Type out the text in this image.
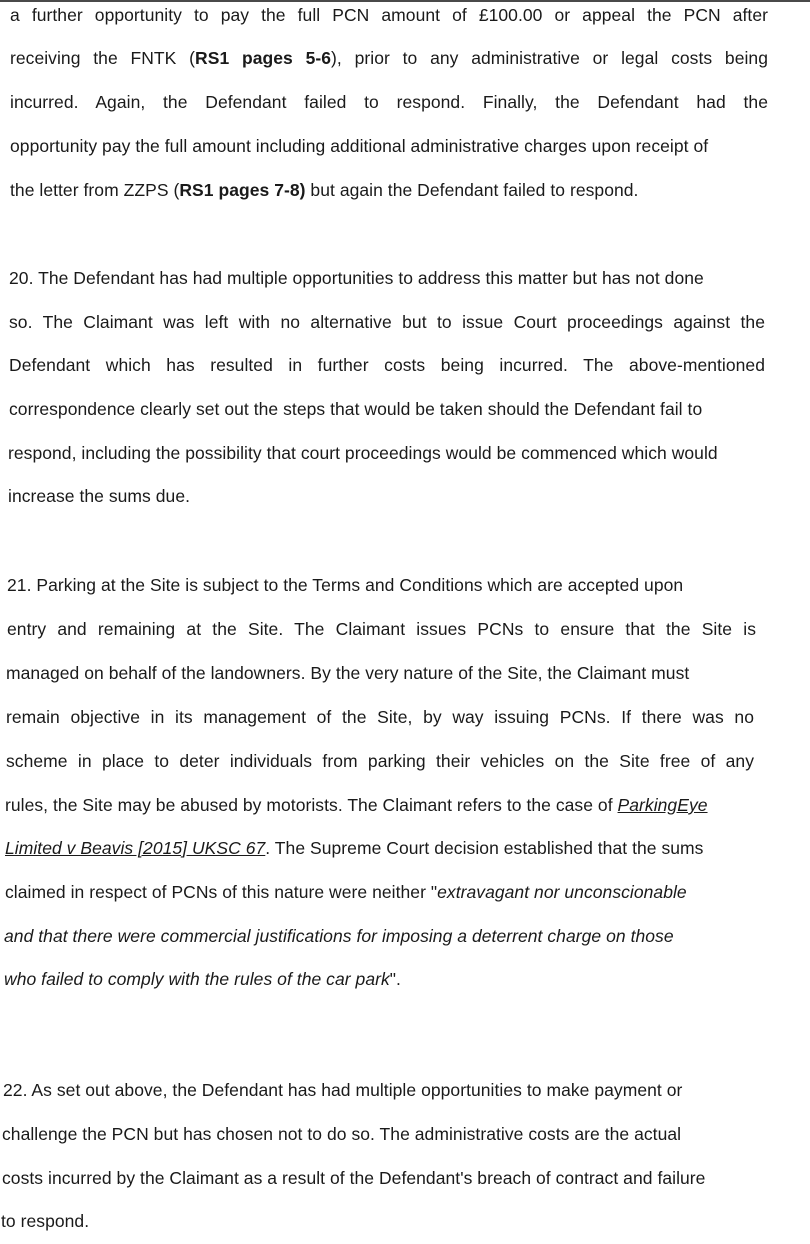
a further opportunity to pay the full PCN amount of £100.00 or appeal the PCN after
receiving the FNTK (RS1 pages 5-6), prior to any administrative or legal costs being
incurred. Again, the Defendant failed to respond. Finally, the Defendant had the
opportunity pay the full amount including additional administrative charges upon receipt of
the letter from ZZPS (RS1 pages 7-8) but again the Defendant failed to respond.
20. The Defendant has had multiple opportunities to address this matter but has not done
so. The Claimant was left with no alternative but to issue Court proceedings against the
Defendant which has resulted in further costs being incurred. The above-mentioned
correspondence clearly set out the steps that would be taken should the Defendant fail to
respond, including the possibility that court proceedings would be commenced which would
increase the sums due.
21. Parking at the Site is subject to the Terms and Conditions which are accepted upon
entry and remaining at the Site. The Claimant issues PCNs to ensure that the Site is
managed on behalf of the landowners. By the very nature of the Site, the Claimant must
remain objective in its management of the Site, by way issuing PCNs. If there was no
scheme in place to deter individuals from parking their vehicles on the Site free of any
rules, the Site may be abused by motorists. The Claimant refers to the case of ParkingEye
Limited v Beavis [2015] UKSC 67. The Supreme Court decision established that the sums
claimed in respect of PCNs of this nature were neither "extravagant nor unconscionable
and that there were commercial justifications for imposing a deterrent charge on those
who failed to comply with the rules of the car park".
22. As set out above, the Defendant has had multiple opportunities to make payment or
challenge the PCN but has chosen not to do so. The administrative costs are the actual
costs incurred by the Claimant as a result of the Defendant's breach of contract and failure
to respond.
